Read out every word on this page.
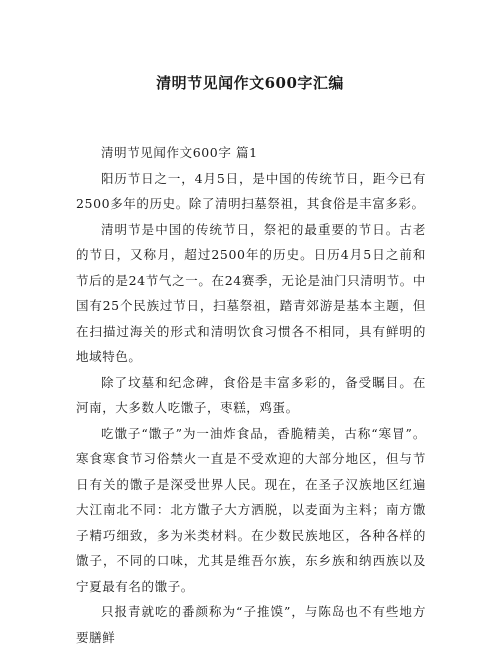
清明节见闻作文600字汇编

清明节见闻作文600字 篇1

阳历节日之一，4月5日，是中国的传统节日，距今已有2500多年的历史。除了清明扫墓祭祖，其食俗是丰富多彩。

清明节是中国的传统节日，祭祀的最重要的节日。古老的节日，又称月，超过2500年的历史。日历4月5日之前和节后的是24节气之一。在24赛季，无论是油门只清明节。中国有25个民族过节日，扫墓祭祖，踏青郊游是基本主题，但在扫描过海关的形式和清明饮食习惯各不相同，具有鲜明的地域特色。

除了坟墓和纪念碑，食俗是丰富多彩的，备受瞩目。在河南，大多数人吃馓子，枣糕，鸡蛋。

吃馓子“馓子”为一油炸食品，香脆精美，古称“寒冒”。寒食寒食节习俗禁火一直是不受欢迎的大部分地区，但与节日有关的馓子是深受世界人民。现在，在圣子汉族地区红遍大江南北不同：北方馓子大方洒脱，以麦面为主料；南方馓子精巧细致，多为米类材料。在少数民族地区，各种各样的馓子，不同的口味，尤其是维吾尔族，东乡族和纳西族以及宁夏最有名的馓子。

只报青就吃的番颜称为“子推馍”，与陈岛也不有些地方要膳鲜
